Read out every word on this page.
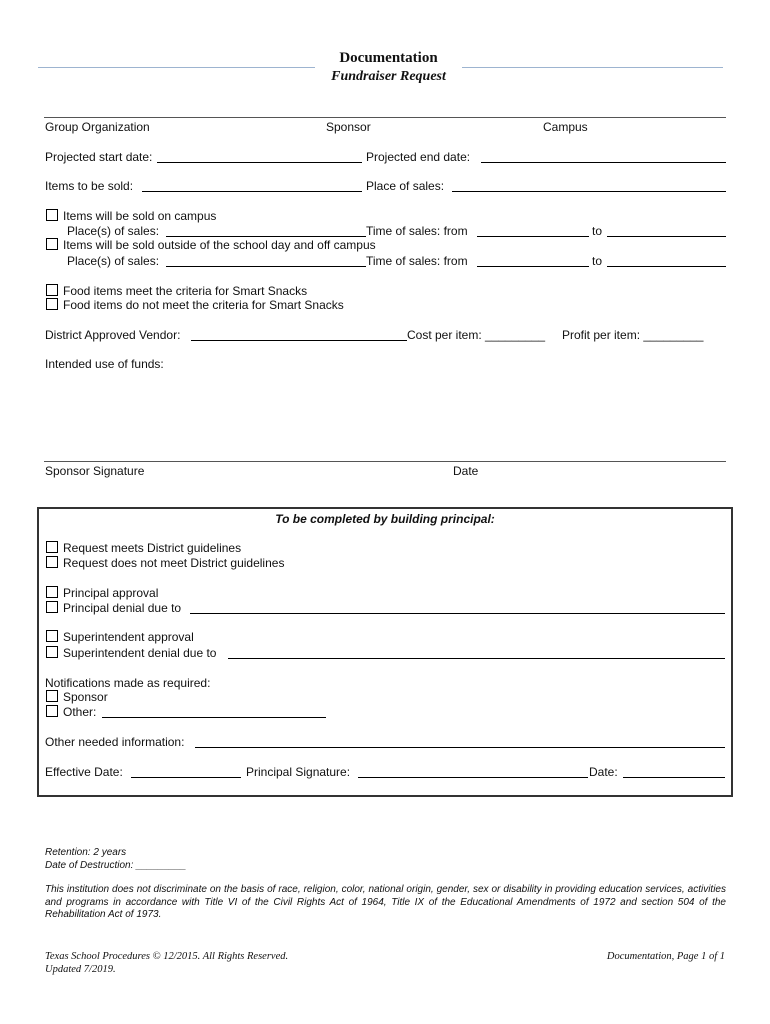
Documentation
Fundraiser Request
Group Organization	Sponsor	Campus
Projected start date:	Projected end date:
Items to be sold:	Place of sales:
Items will be sold on campus
Place(s) of sales:	Time of sales: from	to
Items will be sold outside of the school day and off campus
Place(s) of sales:	Time of sales: from	to
Food items meet the criteria for Smart Snacks
Food items do not meet the criteria for Smart Snacks
District Approved Vendor:	Cost per item: _________ Profit per item: _________
Intended use of funds:
Sponsor Signature	Date
To be completed by building principal:
Request meets District guidelines
Request does not meet District guidelines
Principal approval
Principal denial due to
Superintendent approval
Superintendent denial due to
Notifications made as required:
Sponsor
Other:
Other needed information:
Effective Date:	Principal Signature:	Date:
Retention: 2 years
Date of Destruction: _________
This institution does not discriminate on the basis of race, religion, color, national origin, gender, sex or disability in providing education services, activities and programs in accordance with Title VI of the Civil Rights Act of 1964, Title IX of the Educational Amendments of 1972 and section 504 of the Rehabilitation Act of 1973.
Texas School Procedures © 12/2015. All Rights Reserved.
Updated 7/2019.
Documentation, Page 1 of 1
